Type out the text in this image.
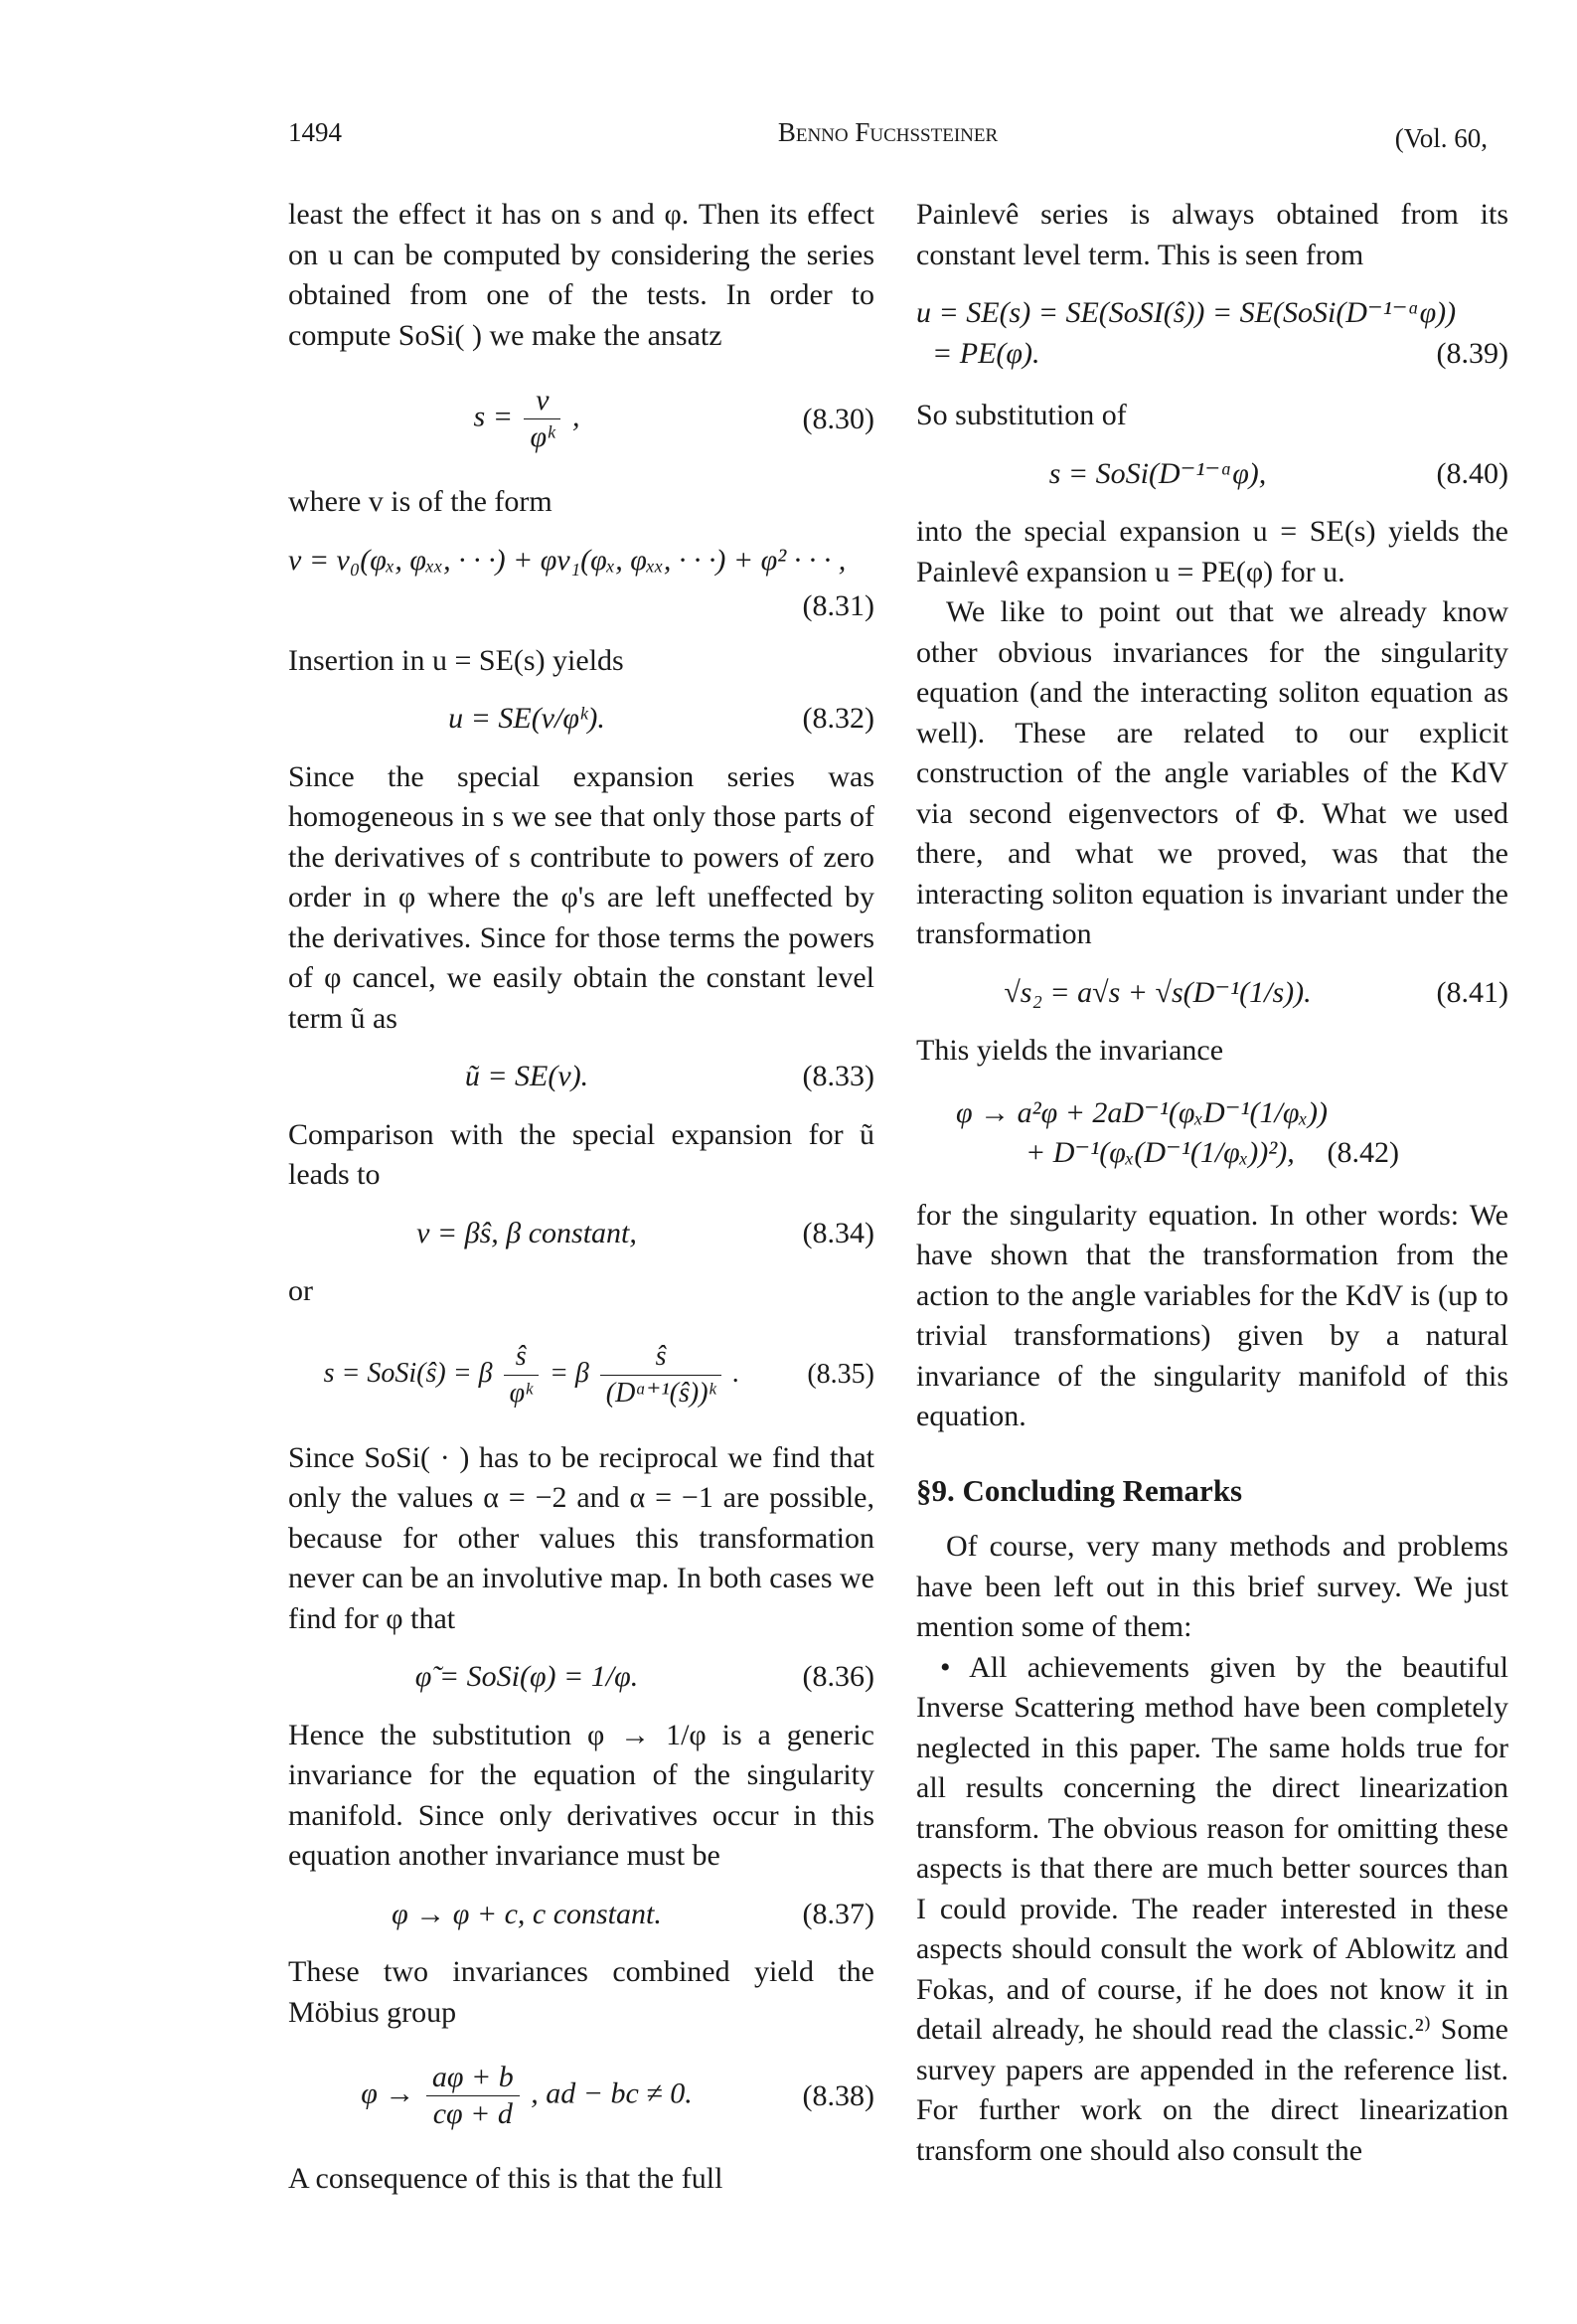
1494	Benno Fuchssteiner	(Vol. 60,

least the effect it has on s and φ. Then its effect on u can be computed by considering the series obtained from one of the tests. In order to compute SoSi( ) we make the ansatz

$s = \frac{v}{\text{φᵏ}}$ ,	(8.30)

where v is of the form

v = v₀(φₓ, φₓₓ, · · ·) + φv₁(φₓ, φₓₓ, · · ·) + φ² · · · ,
(8.31)

Insertion in u = SE(s) yields

u = SE(v/φᵏ).	(8.32)

Since the special expansion series was homogeneous in s we see that only those parts of the derivatives of s contribute to powers of zero order in φ where the φ's are left uneffected by the derivatives. Since for those terms the powers of φ cancel, we easily obtain the constant level term ũ as

ũ = SE(v).	(8.33)

Comparison with the special expansion for ũ leads to

v = βŝ, β constant,	(8.34)

or

s = SoSi(ŝ) = β $\frac{ŝ}{\text{φᵏ}} = \beta \frac{ŝ}{\text{(Dᵅ⁺¹(ŝ))ᵏ}}$ . (8.35)

Since SoSi( · ) has to be reciprocal we find that only the values α = −2 and α = −1 are possible, because for other values this transformation never can be an involutive map. In both cases we find for φ that

φ̃ = SoSi(φ) = 1/φ.	(8.36)

Hence the substitution φ → 1/φ is a generic invariance for the equation of the singularity manifold. Since only derivatives occur in this equation another invariance must be

φ → φ + c, c constant.	(8.37)

These two invariances combined yield the Möbius group

$\varphi \to \frac{a\varphi + b}{c\varphi + d}$ , ad − bc ≠ 0.	(8.38)

A consequence of this is that the full

Painlevê series is always obtained from its constant level term. This is seen from

u = SE(s) = SE(SoSI(ŝ)) = SE(SoSi(D⁻¹⁻ᵅφ))
= PE(φ).	(8.39)

So substitution of

s = SoSi(D⁻¹⁻ᵅφ),	(8.40)

into the special expansion u = SE(s) yields the Painlevê expansion u = PE(φ) for u.

We like to point out that we already know other obvious invariances for the singularity equation (and the interacting soliton equation as well). These are related to our explicit construction of the angle variables of the KdV via second eigenvectors of Φ. What we used there, and what we proved, was that the interacting soliton equation is invariant under the transformation

√s₂ = a√s + √s(D⁻¹(1/s)).	(8.41)

This yields the invariance

φ → a²φ + 2aD⁻¹(φₓD⁻¹(1/φₓ))
+ D⁻¹(φₓ(D⁻¹(1/φₓ))²),	(8.42)

for the singularity equation. In other words: We have shown that the transformation from the action to the angle variables for the KdV is (up to trivial transformations) given by a natural invariance of the singularity manifold of this equation.

§9. Concluding Remarks

Of course, very many methods and problems have been left out in this brief survey. We just mention some of them:

• All achievements given by the beautiful Inverse Scattering method have been completely neglected in this paper. The same holds true for all results concerning the direct linearization transform. The obvious reason for omitting these aspects is that there are much better sources than I could provide. The reader interested in these aspects should consult the work of Ablowitz and Fokas, and of course, if he does not know it in detail already, he should read the classic.²⁾ Some survey papers are appended in the reference list. For further work on the direct linearization transform one should also consult the
